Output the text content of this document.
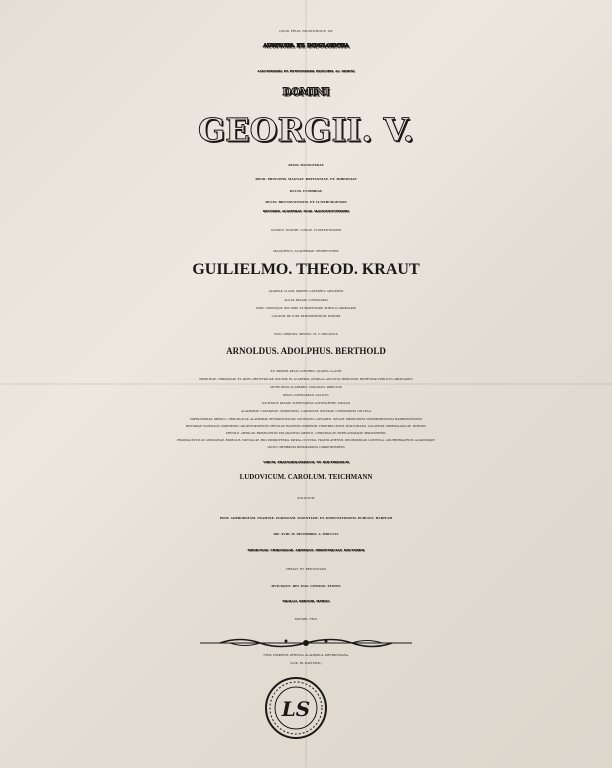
QUOD. FELIX. FAUSTUMQUE. SIT
AUSPICIIS. ET. INDULGENTIA
AUGUSTISSIMI. ET. POTENTISSIMI. PRINCIPIS. AC. DOMINI
DOMINI
GEORGII. V.
REGIS. HANNOVERAE
REGII. PRINCIPIS. MAGNAE. BRITANNIAE. ET. HIBERNIAE
DUCIS. CUMBRIAE
DUCIS. BRUNSVICENSIS. ET. LUNEBURGENSIS
RECTORIS. ACADEMIAE. SUAE. MAGNIFICENTISSIMI
DOMINI. NOSTRI. LONGE. CLEMENTISSIMI
MAGNIFICO. ACADEMIAE. PRORECTORE
GUILIELMO. THEOD. KRAUT
QUARTAE. CLASSI. ORDINIS. GUELPHICI. ADSCRIPTO
AULAE. REGIAE. CONSILIARIO
IURIS. UTRIUSQUE. DOCTORE. ET. PROFESSORE. PUBLICO. ORDINARIO
COLLEGII. DE. IURE. RESPONDENTIUM. SENIORE
EGO. ORDINIS. MEDICI. H. T. DECANUS
ARNOLDUS. ADOLPHUS. BERTHOLD
EX. ORDINIS. REGII. GUELPHICI. QUARTA. CLASSE
MEDICINAE. CHIRURGIAE. ET. ARTIS. OBSTETRICIAE. DOCTOR. IN. ACADEMIA. GEORGIA. AUGUSTA. MEDICINAE. PROFESSOR. PUBLICUS. ORDINARIUS
MUSEI. REGII. ACADEMICI. ZOOLOGICI. DIRECTOR
REGIS. CONSILIARIUS. AULICUS
SOCIETATIS. REGIAE. SCIENTIARUM. GOTTINGENSIS. SODALIS
ACADEMIAE. CAESAREAE. LEOPOLDINO - CAROLINAE. NATURAE. CURIOSORUM. COLLEGA
IMPERATORIAE. MEDICO - CHIRURGICAE. ACADEMIAE. PETROPOLITANAE. SOCIETATIS. CAESAREO - REGIAE. MEDICORUM. VINDOBONENSIUM. HAMBERGENSIUM
HISTORIAE. NATURALIS. PARISIENSIS. ARGENTORATENSIS. PHYSICAE. HALENSIS. EMDENSIS. THIOTMELLENSIS. POLLICHIANO - PALATINAE. MINERALOGICAE. IENENSIS
PHYSICO - MEDICAE. BRIXELLENSIS. ERLANGENSIS. MEDICO - CHIRURGICAE. HUFELANDIANAE. BEROLINENSIS
PHARMACEUTICAE. GERMANIAE. BOREALIS. SILESIACAE. PRO. PROMOVENDA. PATRIA. CULTURA. VRATISLAVIENSIS. OECONOMICAE. GOTTINGA - GRUBENHAGENSIS. ALIARUMQUE
SOCIUS. MEMBRUM. HONORARIUM. CORRESPONDENS
VIRUM. PRAENOBILISSIMUM. ET. DOCTISSIMUM
LUDOVICUM. CAROLUM. TEICHMANN
POLONUM
POST. ADPROBATAM. EXAMINE. EGREGIAM. SCIENTIAM. ET. DISPUTATIONEM. PUBLICE. HABITAM
DIE. XVIII. M. DECEMBRIS. A. MDCCCLV
MEDICINAE. CHIRURGIAE. ARTISQUE. OBSTETRICIAE. DOCTOREM
CREAVI. ET. RENUNTIAVI
HUIUSQUE. REI. HAS. LITERAS. TESTES
SIGILLO. ORDINIS. MEDICI
MUNIRI. FECI
TYPIS. EXPRESSIT. OFFICINA. ACADEMICA. DIETERICHIANA.
(GUIL. FR. KAESTNER.)
LS
